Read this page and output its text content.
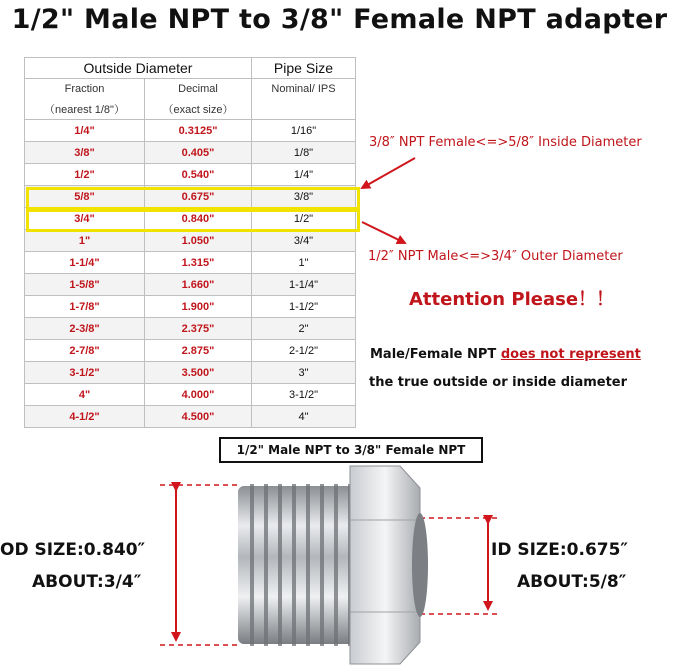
1/2" Male NPT to 3/8" Female NPT adapter
Outside Diameter		Pipe Size
Fraction	Decimal	Nominal/ IPS
（nearest 1/8"）	（exact size）	
1/4"	0.3125"	1/16"
3/8"	0.405"	1/8"
1/2"	0.540"	1/4"
5/8"	0.675"	3/8"
3/4"	0.840"	1/2"
1"	1.050"	3/4"
1-1/4"	1.315"	1"
1-5/8"	1.660"	1-1/4"
1-7/8"	1.900"	1-1/2"
2-3/8"	2.375"	2"
2-7/8"	2.875"	2-1/2"
3-1/2"	3.500"	3"
4"	4.000"	3-1/2"
4-1/2"	4.500"	4"
3/8″ NPT Female<=>5/8″ Inside Diameter
1/2″ NPT Male<=>3/4″ Outer Diameter
Attention Please！！
Male/Female NPT does not represent
the true outside or inside diameter
1/2" Male NPT to 3/8" Female NPT
OD SIZE:0.840″
ABOUT:3/4″
ID SIZE:0.675″
ABOUT:5/8″
